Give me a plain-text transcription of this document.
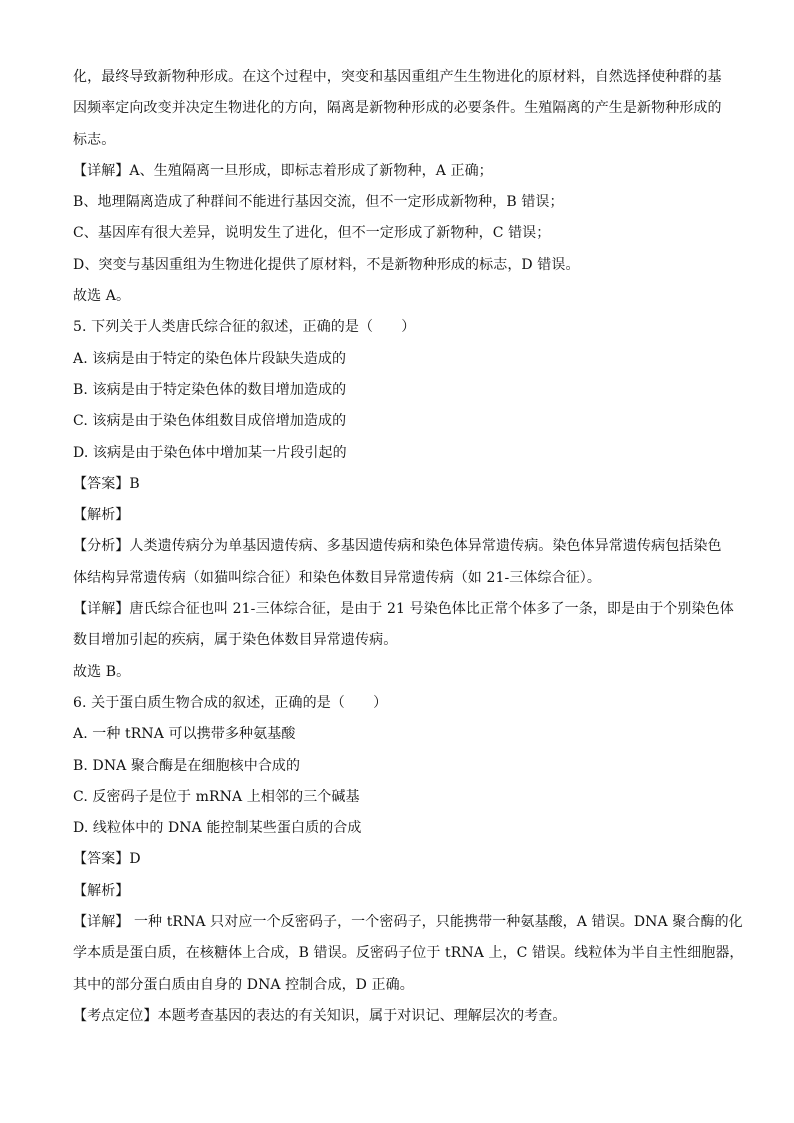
化，最终导致新物种形成。在这个过程中，突变和基因重组产生生物进化的原材料，自然选择使种群的基
因频率定向改变并决定生物进化的方向，隔离是新物种形成的必要条件。生殖隔离的产生是新物种形成的
标志。
【详解】A、生殖隔离一旦形成，即标志着形成了新物种，A 正确；
B、地理隔离造成了种群间不能进行基因交流，但不一定形成新物种，B 错误；
C、基因库有很大差异，说明发生了进化，但不一定形成了新物种，C 错误；
D、突变与基因重组为生物进化提供了原材料，不是新物种形成的标志，D 错误。
故选 A。
5. 下列关于人类唐氏综合征的叙述，正确的是（　　）
A. 该病是由于特定的染色体片段缺失造成的
B. 该病是由于特定染色体的数目增加造成的
C. 该病是由于染色体组数目成倍增加造成的
D. 该病是由于染色体中增加某一片段引起的
【答案】B
【解析】
【分析】人类遗传病分为单基因遗传病、多基因遗传病和染色体异常遗传病。染色体异常遗传病包括染色
体结构异常遗传病（如猫叫综合征）和染色体数目异常遗传病（如 21-三体综合征）。
【详解】唐氏综合征也叫 21-三体综合征，是由于 21 号染色体比正常个体多了一条，即是由于个别染色体
数目增加引起的疾病，属于染色体数目异常遗传病。
故选 B。
6. 关于蛋白质生物合成的叙述，正确的是（　　）
A. 一种 tRNA 可以携带多种氨基酸
B. DNA 聚合酶是在细胞核中合成的
C. 反密码子是位于 mRNA 上相邻的三个碱基
D. 线粒体中的 DNA 能控制某些蛋白质的合成
【答案】D
【解析】
【详解】 一种 tRNA 只对应一个反密码子，一个密码子，只能携带一种氨基酸，A 错误。DNA 聚合酶的化
学本质是蛋白质，在核糖体上合成，B 错误。反密码子位于 tRNA 上，C 错误。线粒体为半自主性细胞器，
其中的部分蛋白质由自身的 DNA 控制合成，D 正确。
【考点定位】本题考查基因的表达的有关知识，属于对识记、理解层次的考查。
